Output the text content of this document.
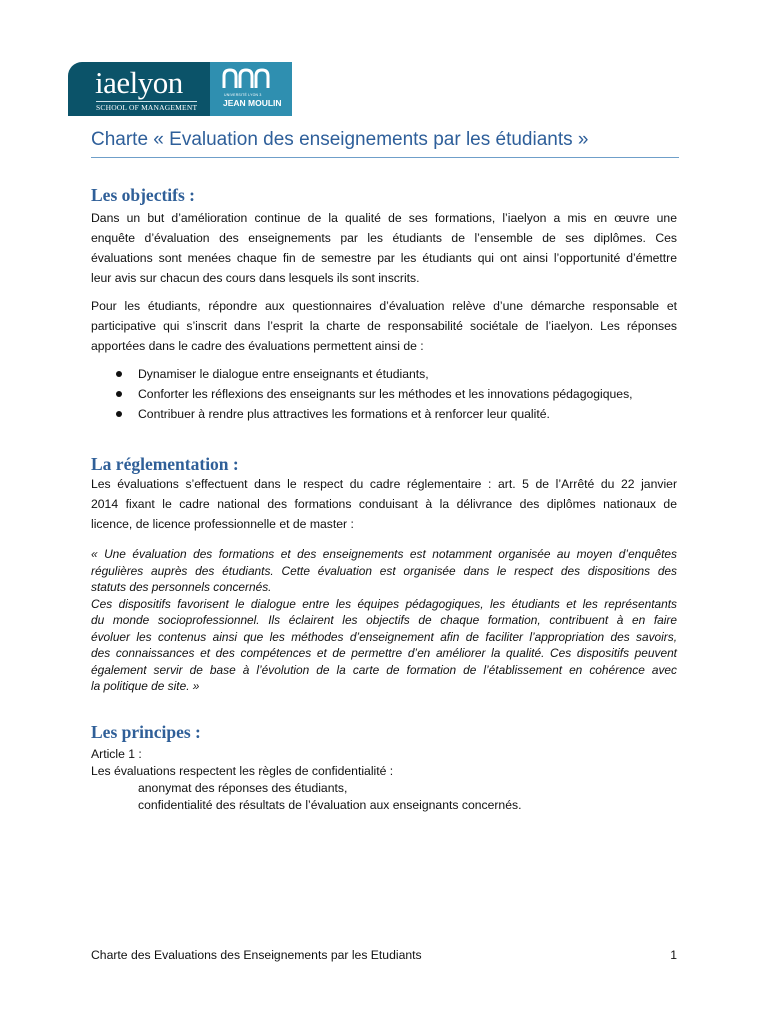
iaelyon
SCHOOL OF MANAGEMENT
UNIVERSITÉ LYON 3
JEAN MOULIN
Charte « Evaluation des enseignements par les étudiants »
Les objectifs :
Dans un but d’amélioration continue de la qualité de ses formations, l’iaelyon a mis en œuvre une
enquête d’évaluation des enseignements par les étudiants de l’ensemble de ses diplômes. Ces
évaluations sont menées chaque fin de semestre par les étudiants qui ont ainsi l’opportunité d’émettre
leur avis sur chacun des cours dans lesquels ils sont inscrits.
Pour les étudiants, répondre aux questionnaires d’évaluation relève d’une démarche responsable et
participative qui s’inscrit dans l’esprit la charte de responsabilité sociétale de l’iaelyon. Les réponses
apportées dans le cadre des évaluations permettent ainsi de :
Dynamiser le dialogue entre enseignants et étudiants,
Conforter les réflexions des enseignants sur les méthodes et les innovations pédagogiques,
Contribuer à rendre plus attractives les formations et à renforcer leur qualité.
La réglementation :
Les évaluations s’effectuent dans le respect du cadre réglementaire : art. 5 de l’Arrêté du 22 janvier
2014 fixant le cadre national des formations conduisant à la délivrance des diplômes nationaux de
licence, de licence professionnelle et de master :
« Une évaluation des formations et des enseignements est notamment organisée au moyen d’enquêtes
régulières auprès des étudiants. Cette évaluation est organisée dans le respect des dispositions des
statuts des personnels concernés.
Ces dispositifs favorisent le dialogue entre les équipes pédagogiques, les étudiants et les représentants
du monde socioprofessionnel. Ils éclairent les objectifs de chaque formation, contribuent à en faire
évoluer les contenus ainsi que les méthodes d’enseignement afin de faciliter l’appropriation des savoirs,
des connaissances et des compétences et de permettre d’en améliorer la qualité. Ces dispositifs peuvent
également servir de base à l’évolution de la carte de formation de l’établissement en cohérence avec
la politique de site. »
Les principes :
Article 1 :
Les évaluations respectent les règles de confidentialité :
anonymat des réponses des étudiants,
confidentialité des résultats de l’évaluation aux enseignants concernés.
Charte des Evaluations des Enseignements par les Etudiants	1
